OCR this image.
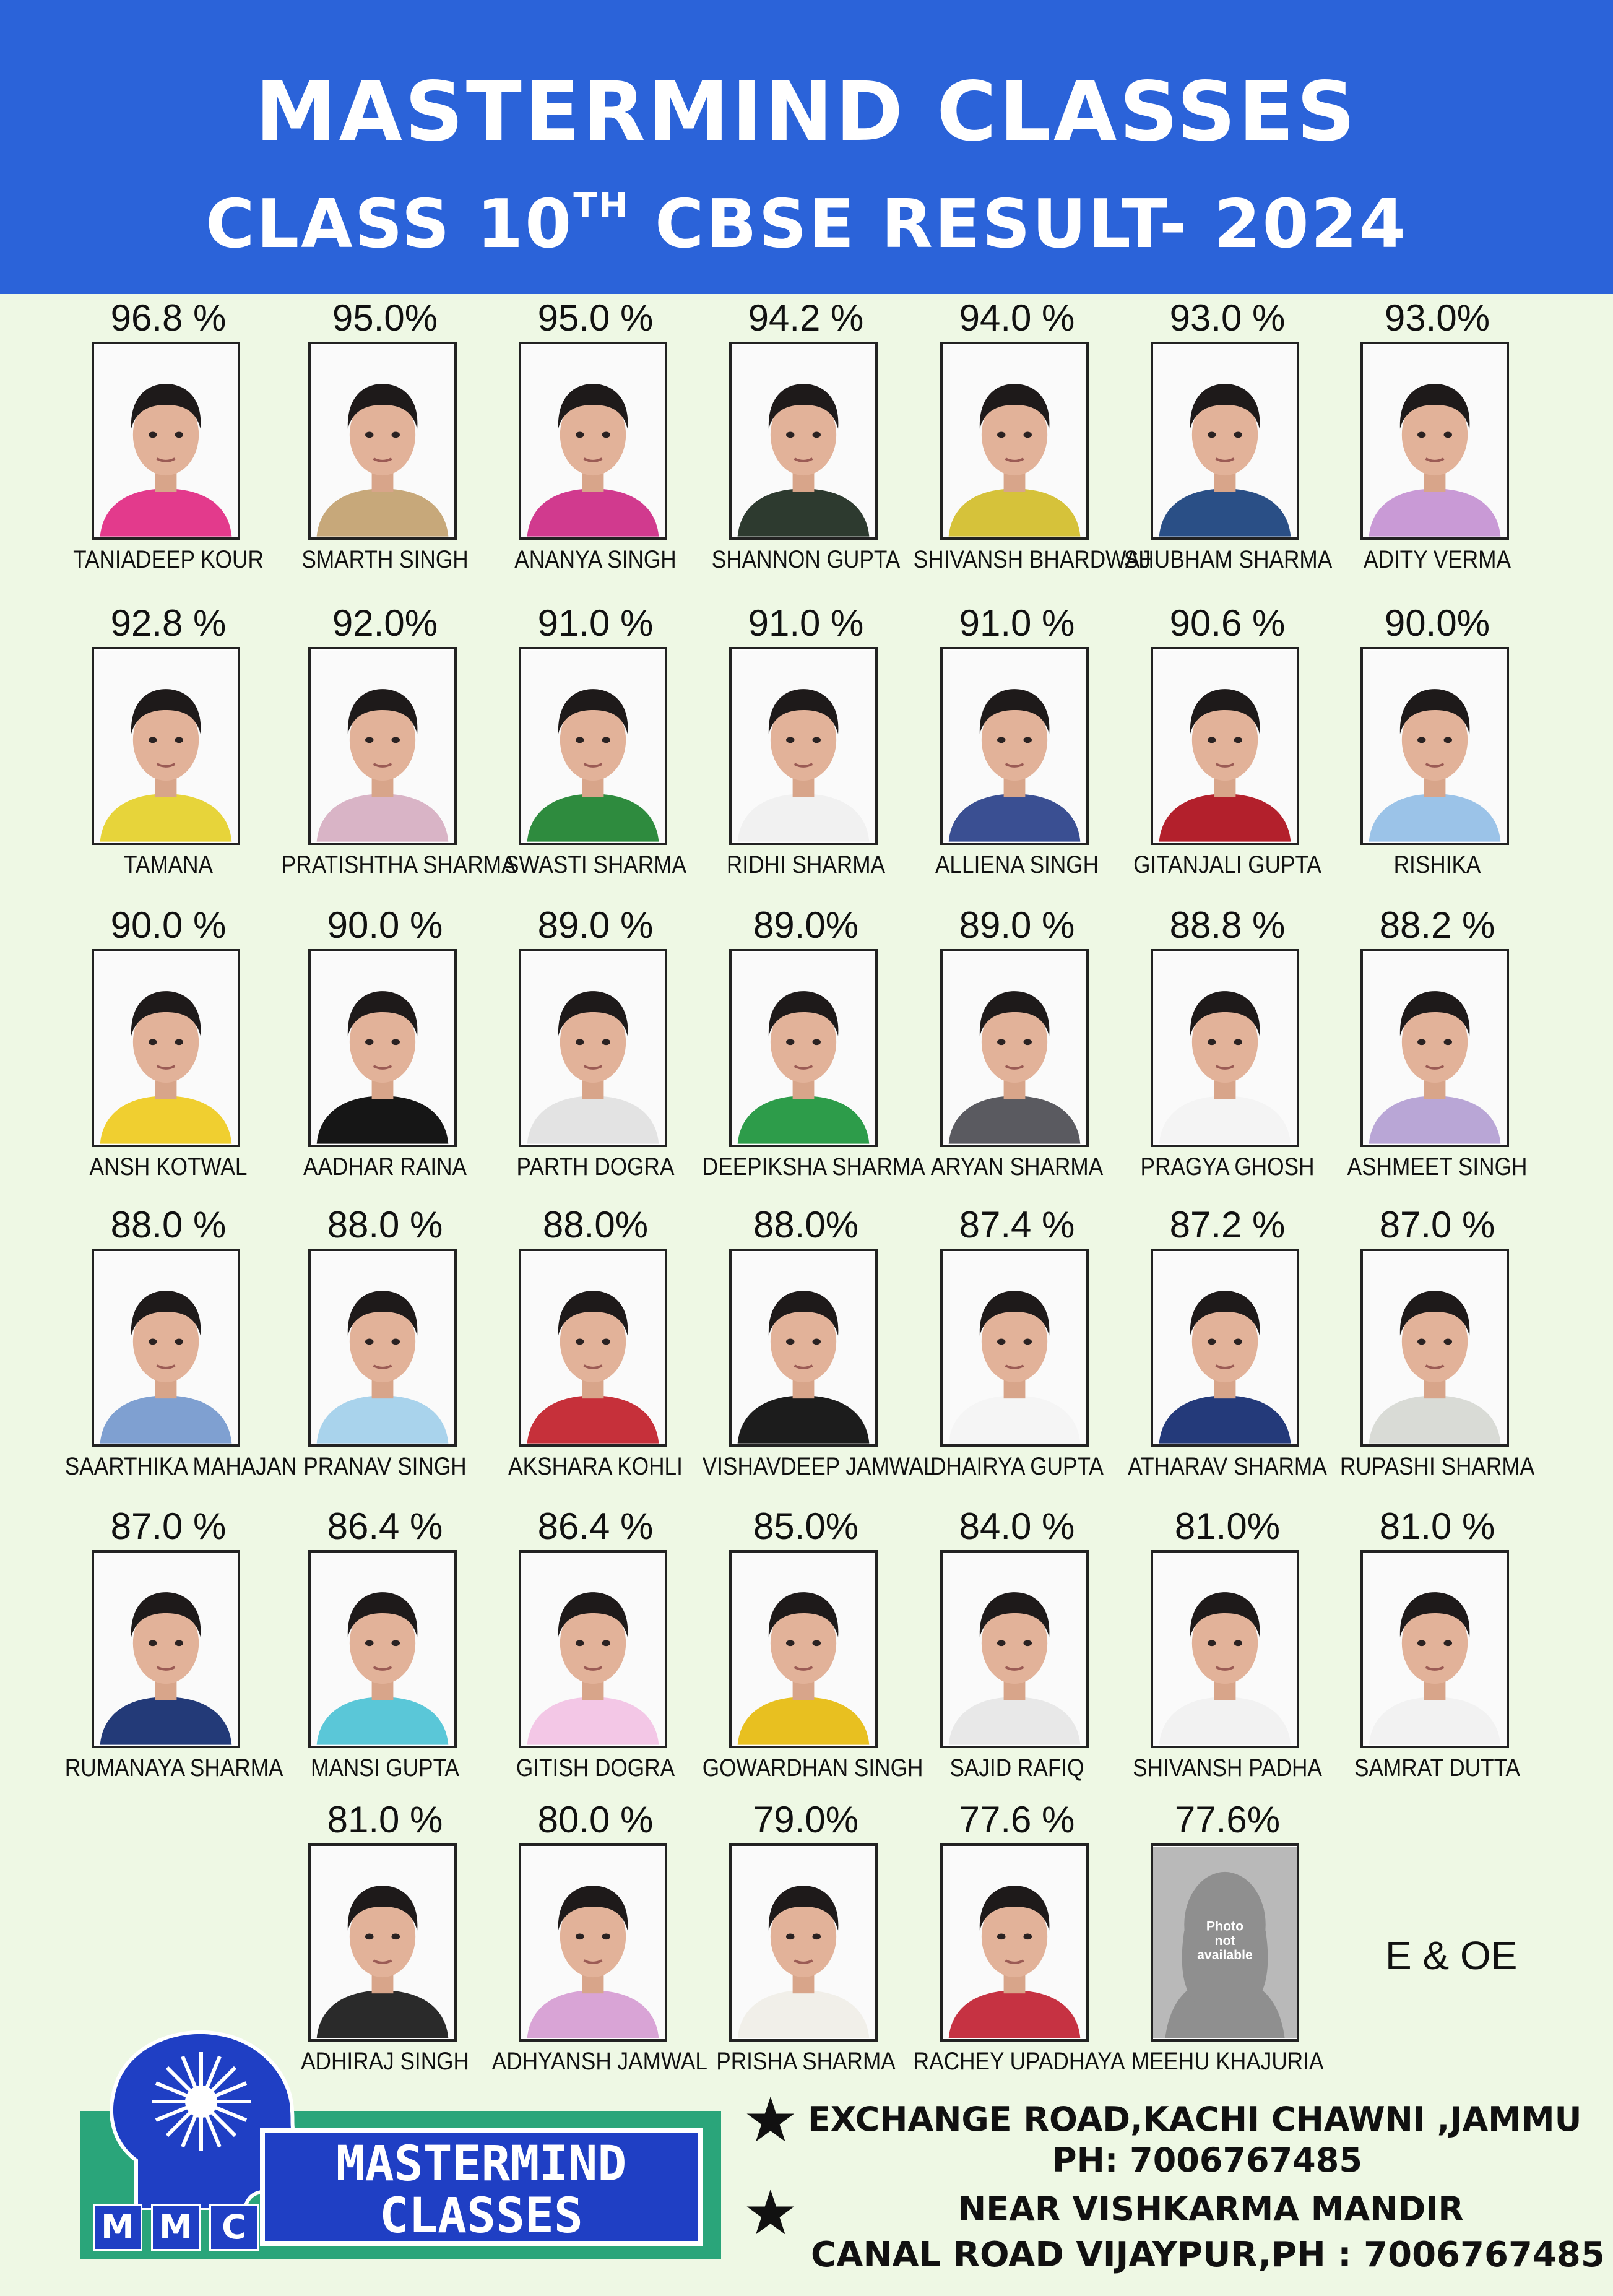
MASTERMIND CLASSES
CLASS 10TH CBSE RESULT- 2024
96.8 %
TANIADEEP KOUR
95.0%
SMARTH SINGH
95.0 %
ANANYA SINGH
94.2 %
SHANNON GUPTA
94.0 %
SHIVANSH BHARDWAJ
93.0 %
SHUBHAM SHARMA
93.0%
ADITY VERMA
92.8 %
TAMANA
92.0%
PRATISHTHA SHARMA
91.0 %
SWASTI SHARMA
91.0 %
RIDHI SHARMA
91.0 %
ALLIENA SINGH
90.6 %
GITANJALI GUPTA
90.0%
RISHIKA
90.0 %
ANSH KOTWAL
90.0 %
AADHAR RAINA
89.0 %
PARTH DOGRA
89.0%
DEEPIKSHA SHARMA
89.0 %
ARYAN SHARMA
88.8 %
PRAGYA GHOSH
88.2 %
ASHMEET SINGH
88.0 %
SAARTHIKA MAHAJAN
88.0 %
PRANAV SINGH
88.0%
AKSHARA KOHLI
88.0%
VISHAVDEEP JAMWAL
87.4 %
DHAIRYA GUPTA
87.2 %
ATHARAV SHARMA
87.0 %
RUPASHI SHARMA
87.0 %
RUMANAYA SHARMA
86.4 %
MANSI GUPTA
86.4 %
GITISH DOGRA
85.0%
GOWARDHAN SINGH
84.0 %
SAJID RAFIQ
81.0%
SHIVANSH PADHA
81.0 %
SAMRAT DUTTA
81.0 %
ADHIRAJ SINGH
80.0 %
ADHYANSH JAMWAL
79.0%
PRISHA SHARMA
77.6 %
RACHEY UPADHAYA
77.6%
Photo not available
MEEHU KHAJURIA
E & OE
M M C
MASTERMIND
CLASSES
★ EXCHANGE ROAD,KACHI CHAWNI ,JAMMU
PH: 7006767485
★	NEAR VISHKARMA MANDIR
CANAL ROAD VIJAYPUR,PH : 7006767485
